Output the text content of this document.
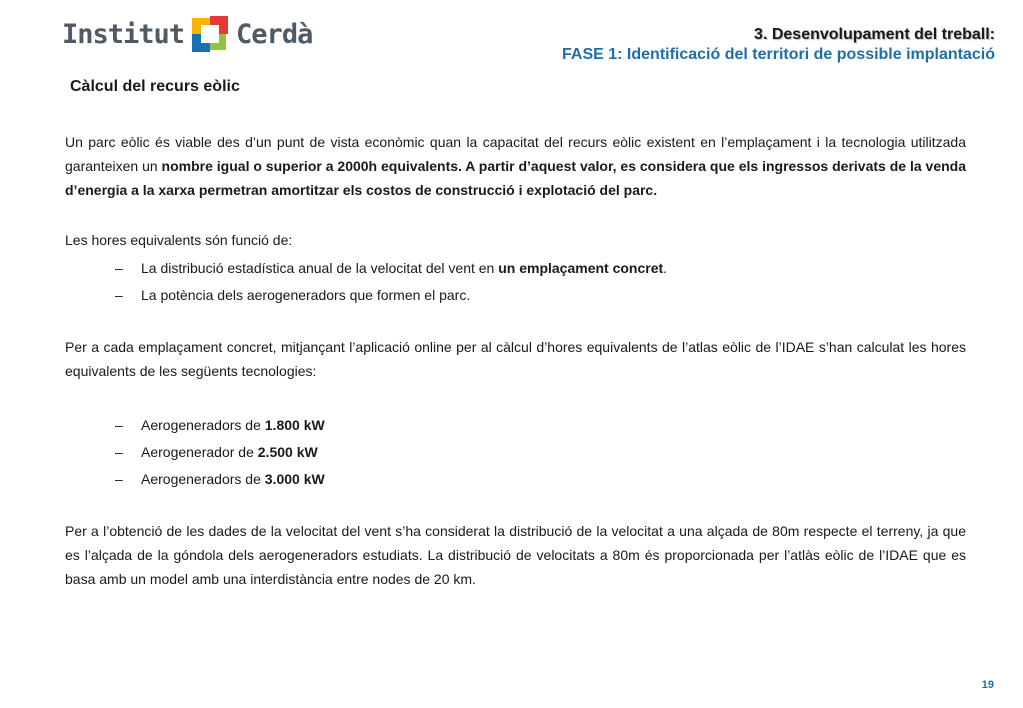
Institut Cerdà	3. Desenvolupament del treball:
FASE 1: Identificació del territori de possible implantació
Càlcul del recurs eòlic

Un parc eòlic és viable des d’un punt de vista econòmic quan la capacitat del recurs eòlic existent en l’emplaçament i la tecnologia utilitzada garanteixen un nombre igual o superior a 2000h equivalents. A partir d’aquest valor, es considera que els ingressos derivats de la venda d’energia a la xarxa permetran amortitzar els costos de construcció i explotació del parc.

Les hores equivalents són funció de:

–	La distribució estadística anual de la velocitat del vent en un emplaçament concret.
–	La potència dels aerogeneradors que formen el parc.

Per a cada emplaçament concret, mitjançant l’aplicació online per al càlcul d’hores equivalents de l’atlas eòlic de l’IDAE s’han calculat les hores equivalents de les següents tecnologies:

–	Aerogeneradors de 1.800 kW
–	Aerogenerador de 2.500 kW
–	Aerogeneradors de 3.000 kW

Per a l’obtenció de les dades de la velocitat del vent s’ha considerat la distribució de la velocitat a una alçada de 80m respecte el terreny, ja que es l’alçada de la góndola dels aerogeneradors estudiats. La distribució de velocitats a 80m és proporcionada per l’atlàs eòlic de l’IDAE que es basa amb un model amb una interdistància entre nodes de 20 km.

19
